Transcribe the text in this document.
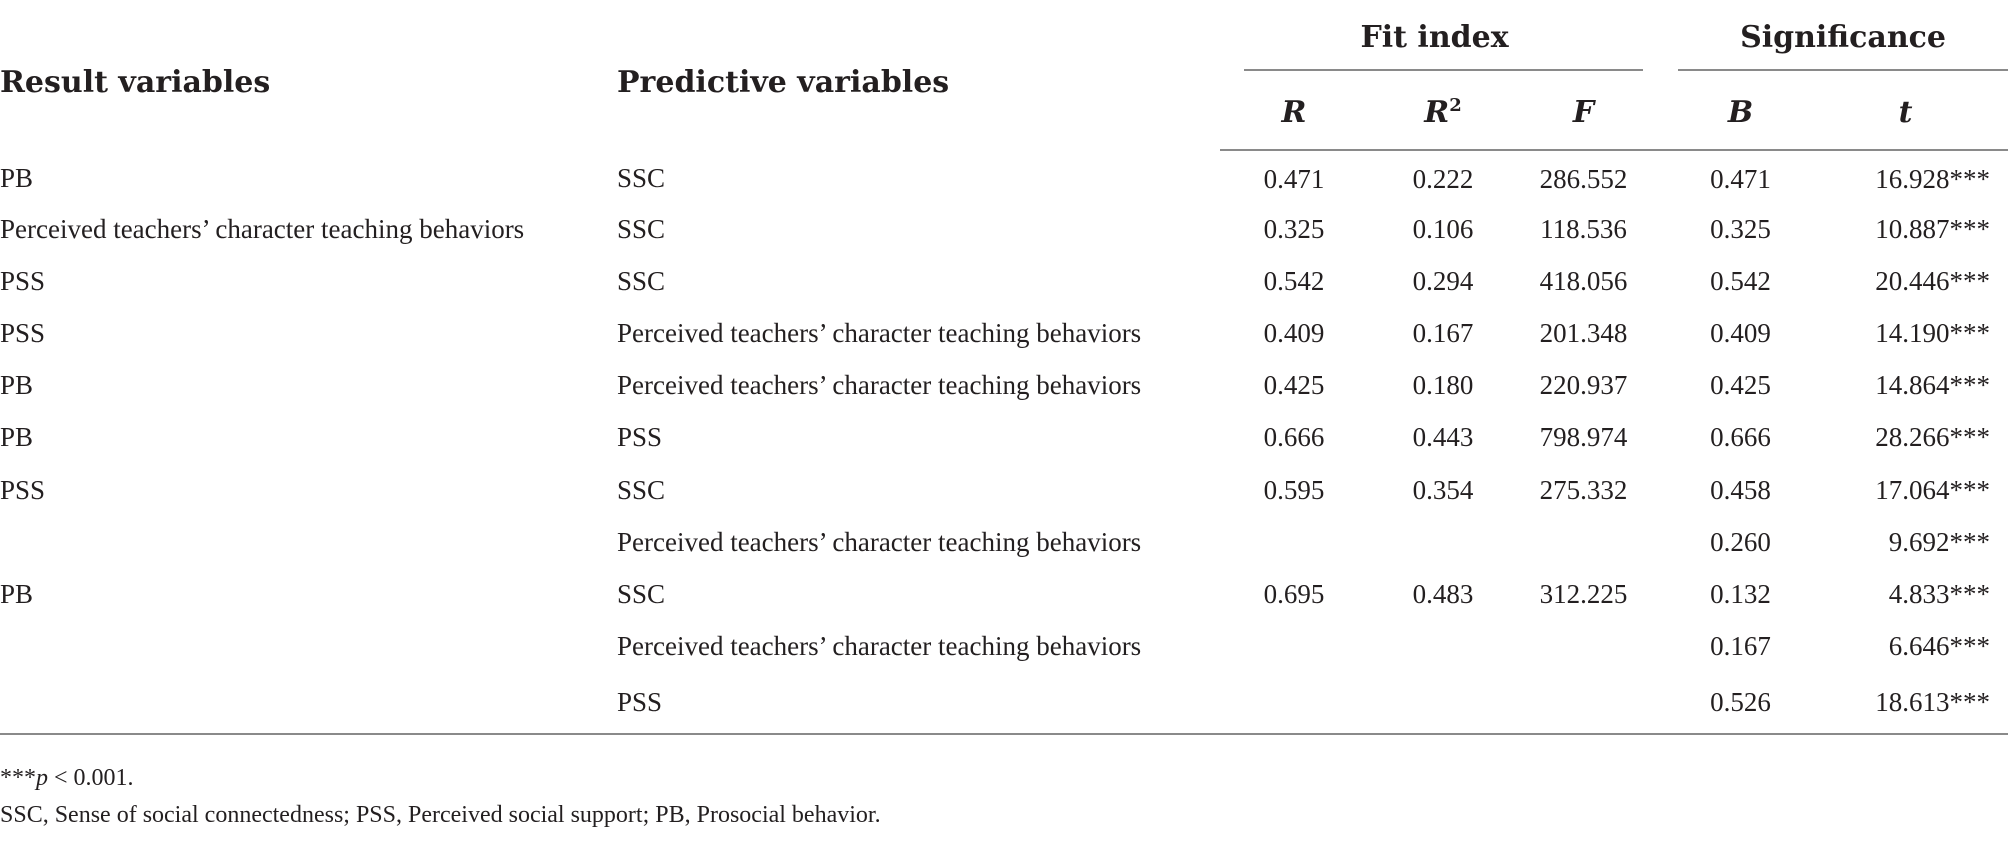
Result variables	Predictive variables	Fit index				Significance	

		R	$R^2$	F		B	t
PB	SSC	0.471	0.222	286.552		0.471	16.928***
Perceived teachers’ character teaching behaviors	SSC	0.325	0.106	118.536		0.325	10.887***
PSS	SSC	0.542	0.294	418.056		0.542	20.446***
PSS	Perceived teachers’ character teaching behaviors	0.409	0.167	201.348		0.409	14.190***
PB	Perceived teachers’ character teaching behaviors	0.425	0.180	220.937		0.425	14.864***
PB	PSS	0.666	0.443	798.974		0.666	28.266***
PSS	SSC	0.595	0.354	275.332		0.458	17.064***
	Perceived teachers’ character teaching behaviors					0.260	9.692***
PB	SSC	0.695	0.483	312.225		0.132	4.833***
	Perceived teachers’ character teaching behaviors					0.167	6.646***
	PSS					0.526	18.613***
***p < 0.001.
SSC, Sense of social connectedness; PSS, Perceived social support; PB, Prosocial behavior.
